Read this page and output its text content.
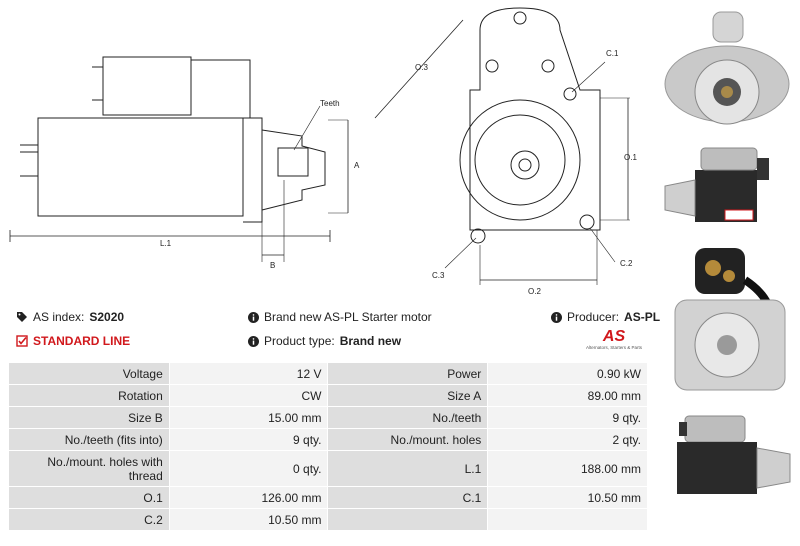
Teeth
A
B
L.1
O.3
C.1
O.1
C.3
C.2
O.2
AS index: S2020
STANDARD LINE
Brand new AS-PL Starter motor
Product type: Brand new
Producer: AS-PL
AS
Alternators, Starters & Parts
Voltage	12 V	Power	0.90 kW
Rotation	CW	Size A	89.00 mm
Size B	15.00 mm	No./teeth	9 qty.
No./teeth (fits into)	9 qty.	No./mount. holes	2 qty.
No./mount. holes with thread	0 qty.	L.1	188.00 mm
O.1	126.00 mm	C.1	10.50 mm
C.2	10.50 mm		
